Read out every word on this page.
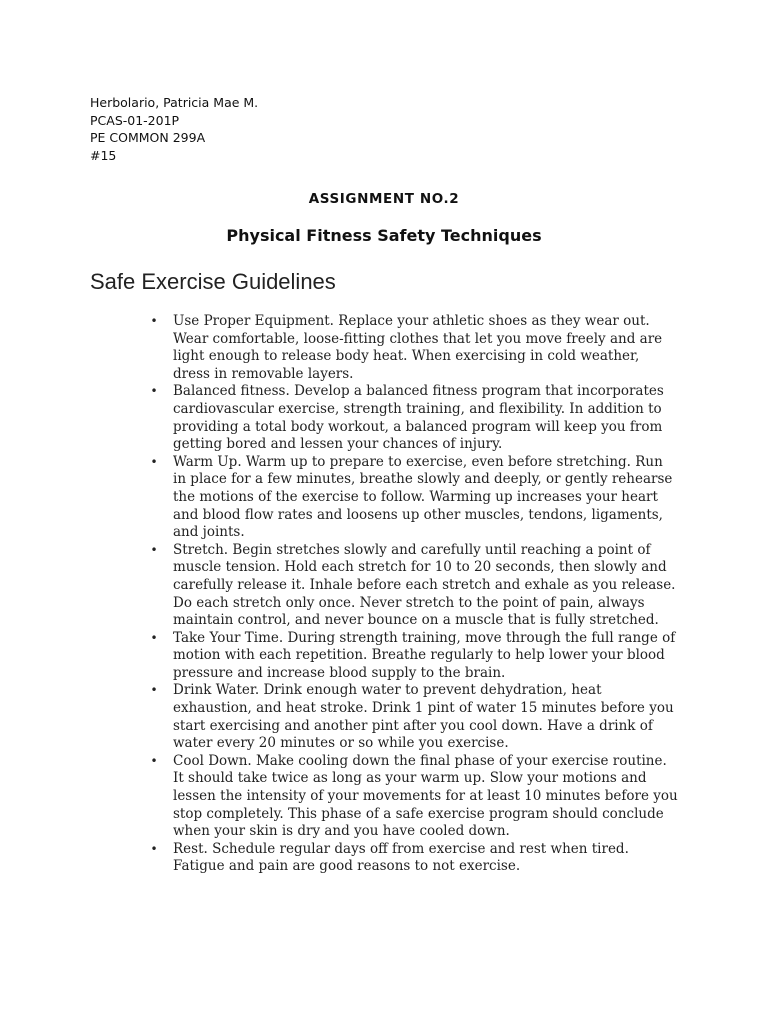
Herbolario, Patricia Mae M.
PCAS-01-201P
PE COMMON 299A
#15
ASSIGNMENT NO.2
Physical Fitness Safety Techniques
Safe Exercise Guidelines
• Use Proper Equipment. Replace your athletic shoes as they wear out. Wear comfortable, loose-fitting clothes that let you move freely and are light enough to release body heat. When exercising in cold weather, dress in removable layers.
• Balanced fitness. Develop a balanced fitness program that incorporates cardiovascular exercise, strength training, and flexibility. In addition to providing a total body workout, a balanced program will keep you from getting bored and lessen your chances of injury.
• Warm Up. Warm up to prepare to exercise, even before stretching. Run in place for a few minutes, breathe slowly and deeply, or gently rehearse the motions of the exercise to follow. Warming up increases your heart and blood flow rates and loosens up other muscles, tendons, ligaments, and joints.
• Stretch. Begin stretches slowly and carefully until reaching a point of muscle tension. Hold each stretch for 10 to 20 seconds, then slowly and carefully release it. Inhale before each stretch and exhale as you release. Do each stretch only once. Never stretch to the point of pain, always maintain control, and never bounce on a muscle that is fully stretched.
• Take Your Time. During strength training, move through the full range of motion with each repetition. Breathe regularly to help lower your blood pressure and increase blood supply to the brain.
• Drink Water. Drink enough water to prevent dehydration, heat exhaustion, and heat stroke. Drink 1 pint of water 15 minutes before you start exercising and another pint after you cool down. Have a drink of water every 20 minutes or so while you exercise.
• Cool Down. Make cooling down the final phase of your exercise routine. It should take twice as long as your warm up. Slow your motions and lessen the intensity of your movements for at least 10 minutes before you stop completely. This phase of a safe exercise program should conclude when your skin is dry and you have cooled down.
• Rest. Schedule regular days off from exercise and rest when tired. Fatigue and pain are good reasons to not exercise.
